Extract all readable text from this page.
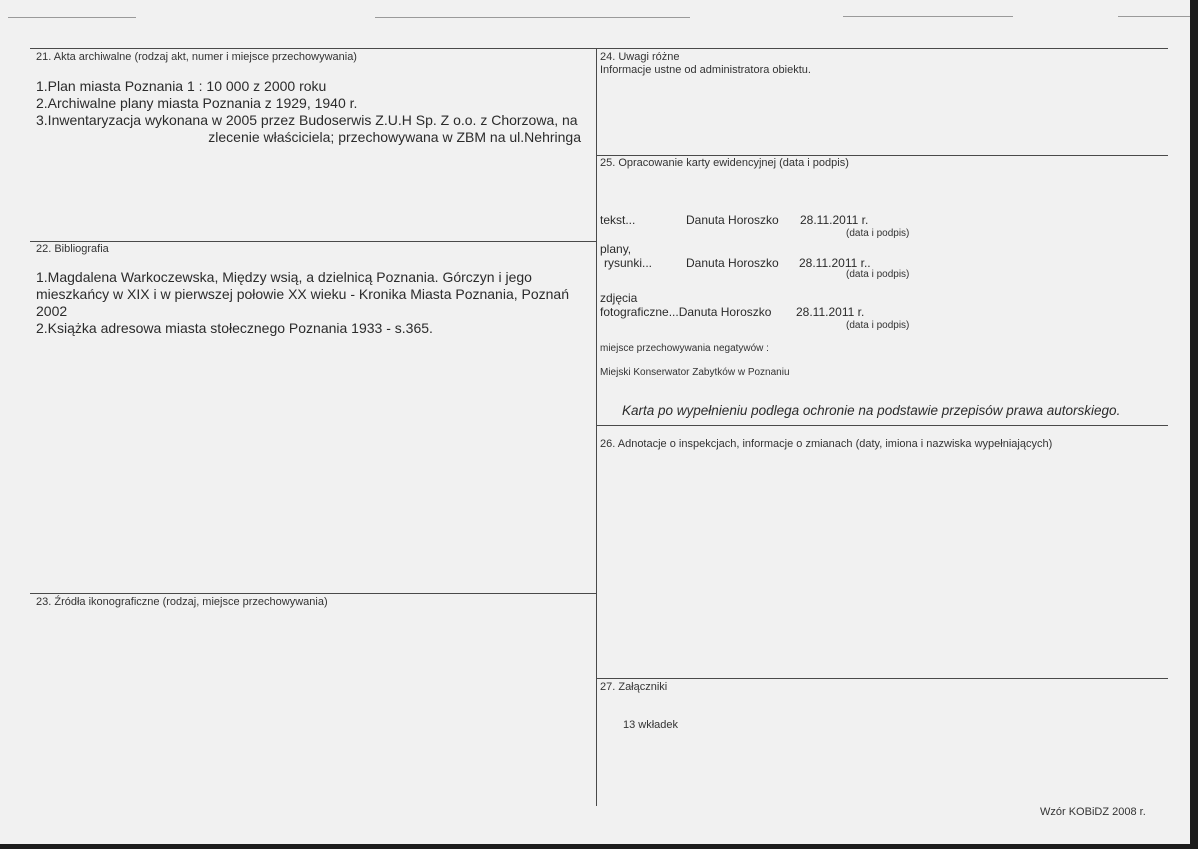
21. Akta archiwalne (rodzaj akt, numer i miejsce przechowywania)
1.Plan miasta Poznania 1 : 10 000 z 2000 roku
2.Archiwalne plany miasta Poznania z 1929, 1940 r.
3.Inwentaryzacja wykonana w 2005 przez Budoserwis Z.U.H Sp. Z o.o. z Chorzowa, na
zlecenie właściciela; przechowywana w ZBM na ul.Nehringa
22. Bibliografia
1.Magdalena Warkoczewska, Między wsią, a dzielnicą Poznania. Górczyn i jego
mieszkańcy w XIX i w pierwszej połowie XX wieku - Kronika Miasta Poznania, Poznań
2002
2.Książka adresowa miasta stołecznego Poznania 1933 - s.365.
23. Źródła ikonograficzne (rodzaj, miejsce przechowywania)
24. Uwagi różne
Informacje ustne od administratora obiektu.
25. Opracowanie karty ewidencyjnej (data i podpis)
tekst...	Danuta Horoszko 28.11.2011 r.
(data i podpis)
plany,
rysunki...	Danuta Horoszko 28.11.2011 r..
(data i podpis)
zdjęcia
fotograficzne...Danuta Horoszko 28.11.2011 r.
(data i podpis)
miejsce przechowywania negatywów :
Miejski Konserwator Zabytków w Poznaniu
Karta po wypełnieniu podlega ochronie na podstawie przepisów prawa autorskiego.
26. Adnotacje o inspekcjach, informacje o zmianach (daty, imiona i nazwiska wypełniających)
27. Załączniki
13 wkładek
Wzór KOBiDZ 2008 r.
